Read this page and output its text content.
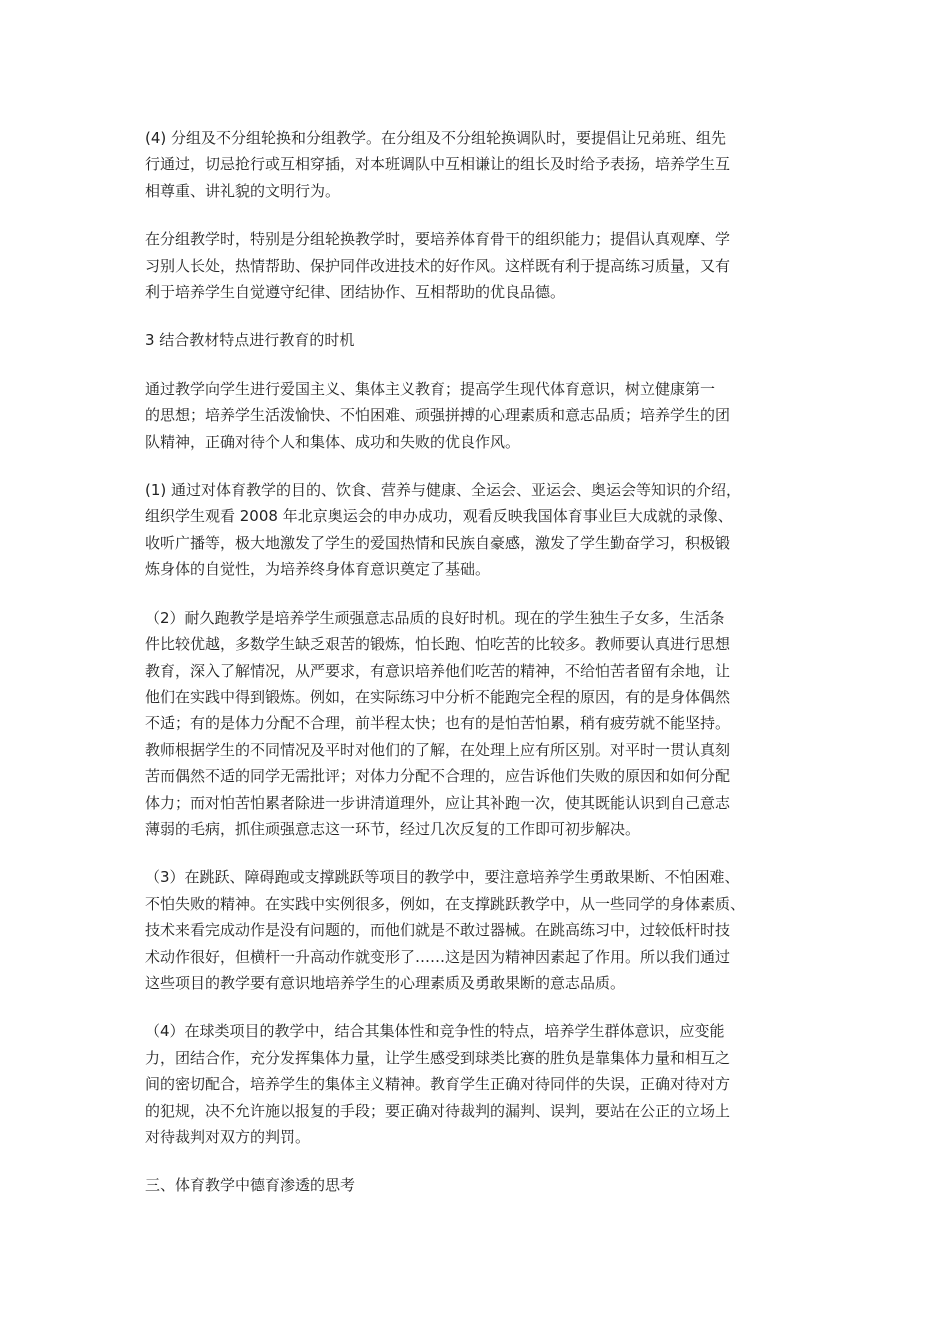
(4) 分组及不分组轮换和分组教学。在分组及不分组轮换调队时，要提倡让兄弟班、组先
行通过，切忌抢行或互相穿插，对本班调队中互相谦让的组长及时给予表扬，培养学生互
相尊重、讲礼貌的文明行为。

在分组教学时，特别是分组轮换教学时，要培养体育骨干的组织能力；提倡认真观摩、学
习别人长处，热情帮助、保护同伴改进技术的好作风。这样既有利于提高练习质量，又有
利于培养学生自觉遵守纪律、团结协作、互相帮助的优良品德。

3 结合教材特点进行教育的时机

通过教学向学生进行爱国主义、集体主义教育；提高学生现代体育意识，树立健康第一
的思想；培养学生活泼愉快、不怕困难、顽强拼搏的心理素质和意志品质；培养学生的团
队精神，正确对待个人和集体、成功和失败的优良作风。

(1) 通过对体育教学的目的、饮食、营养与健康、全运会、亚运会、奥运会等知识的介绍，
组织学生观看 2008 年北京奥运会的申办成功，观看反映我国体育事业巨大成就的录像、
收听广播等，极大地激发了学生的爱国热情和民族自豪感，激发了学生勤奋学习，积极锻
炼身体的自觉性，为培养终身体育意识奠定了基础。

（2）耐久跑教学是培养学生顽强意志品质的良好时机。现在的学生独生子女多，生活条
件比较优越，多数学生缺乏艰苦的锻炼，怕长跑、怕吃苦的比较多。教师要认真进行思想
教育，深入了解情况，从严要求，有意识培养他们吃苦的精神，不给怕苦者留有余地，让
他们在实践中得到锻炼。例如，在实际练习中分析不能跑完全程的原因，有的是身体偶然
不适；有的是体力分配不合理，前半程太快；也有的是怕苦怕累，稍有疲劳就不能坚持。
教师根据学生的不同情况及平时对他们的了解，在处理上应有所区别。对平时一贯认真刻
苦而偶然不适的同学无需批评；对体力分配不合理的，应告诉他们失败的原因和如何分配
体力；而对怕苦怕累者除进一步讲清道理外，应让其补跑一次，使其既能认识到自己意志
薄弱的毛病，抓住顽强意志这一环节，经过几次反复的工作即可初步解决。

（3）在跳跃、障碍跑或支撑跳跃等项目的教学中，要注意培养学生勇敢果断、不怕困难、
不怕失败的精神。在实践中实例很多，例如，在支撑跳跃教学中，从一些同学的身体素质、
技术来看完成动作是没有问题的，而他们就是不敢过器械。在跳高练习中，过较低杆时技
术动作很好，但横杆一升高动作就变形了……这是因为精神因素起了作用。所以我们通过
这些项目的教学要有意识地培养学生的心理素质及勇敢果断的意志品质。

（4）在球类项目的教学中，结合其集体性和竞争性的特点，培养学生群体意识，应变能
力，团结合作，充分发挥集体力量，让学生感受到球类比赛的胜负是靠集体力量和相互之
间的密切配合，培养学生的集体主义精神。教育学生正确对待同伴的失误，正确对待对方
的犯规，决不允许施以报复的手段；要正确对待裁判的漏判、误判，要站在公正的立场上
对待裁判对双方的判罚。

三、体育教学中德育渗透的思考
